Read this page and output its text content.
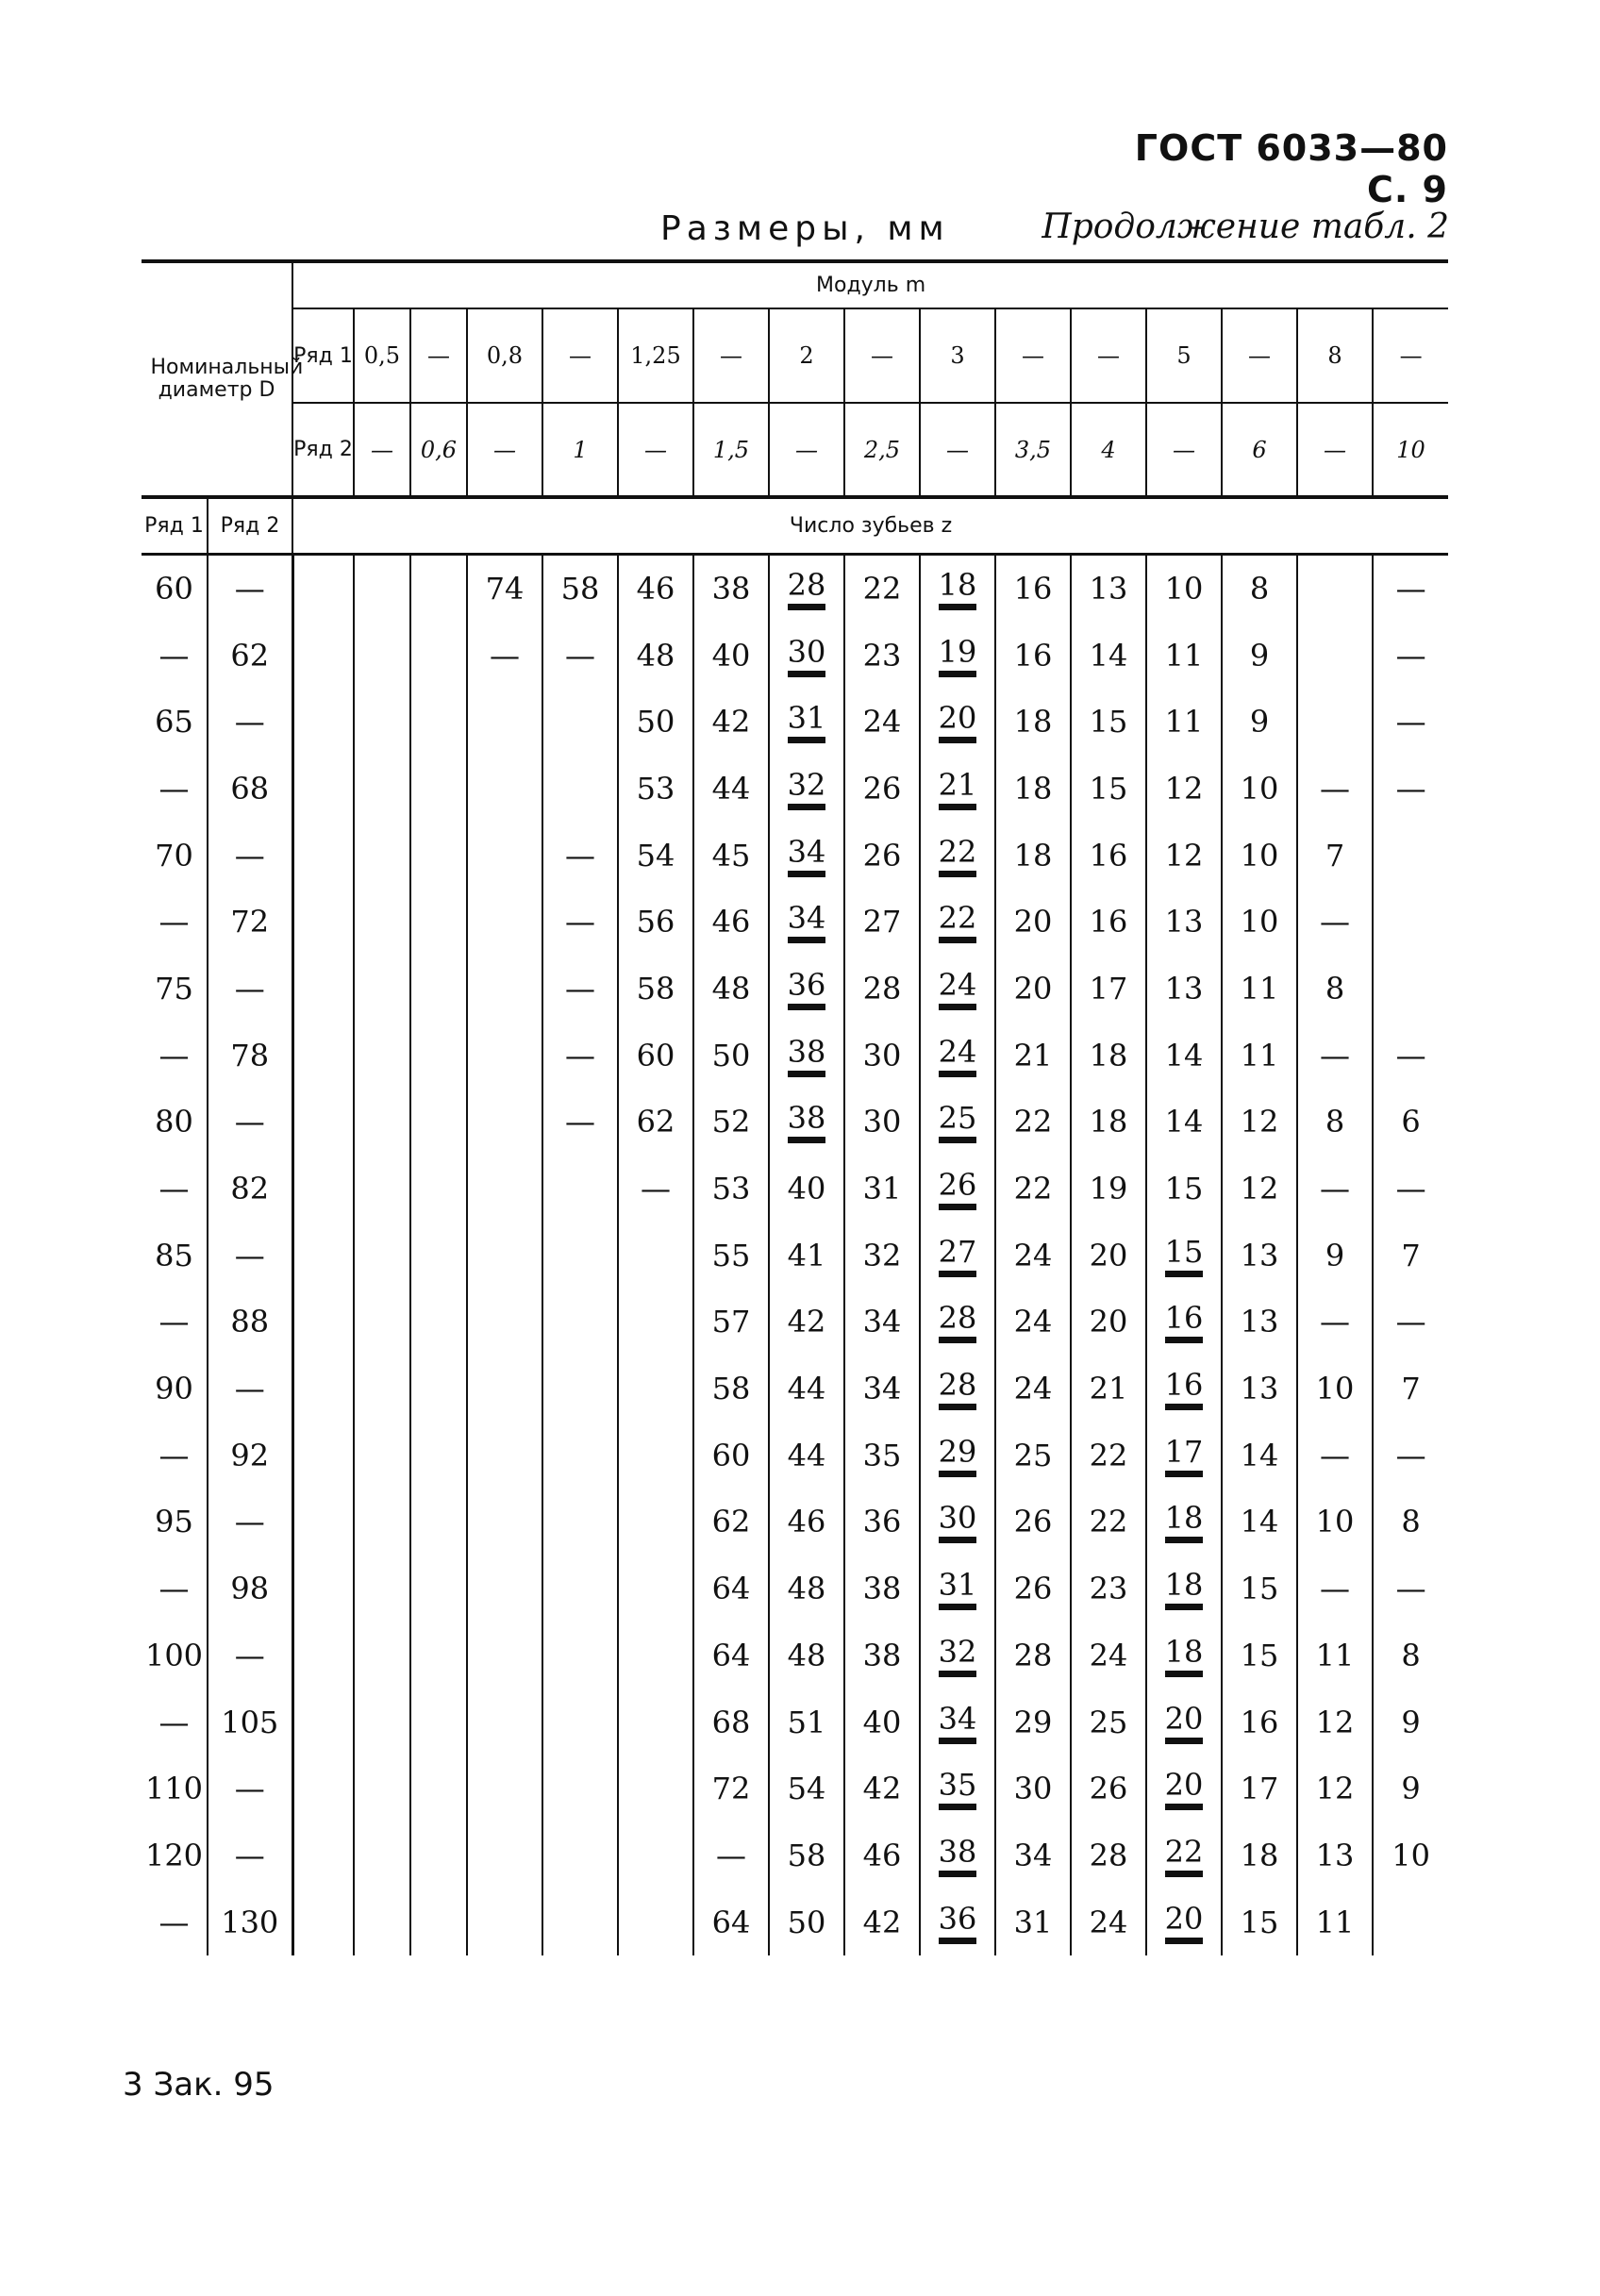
ГОСТ 6033—80 С. 9
Размеры, мм	Продолжение табл. 2
Номинальный диаметр D		Модуль m															
		Ряд 1	0,5	—	0,8	—	1,25	—	2	—	3	—	—	5	—	8	—
		Ряд 2	—	0,6	—	1	—	1,5	—	2,5	—	3,5	4	—	6	—	10
Ряд 1	Ряд 2	Число зубьев z															
60	—				74	58	46	38	28	22	18	16	13	10	8		—
—	62				—	—	48	40	30	23	19	16	14	11	9		—
65	—						50	42	31	24	20	18	15	11	9		—
—	68						53	44	32	26	21	18	15	12	10	—	—
70	—					—	54	45	34	26	22	18	16	12	10	7	
—	72					—	56	46	34	27	22	20	16	13	10	—	
75	—					—	58	48	36	28	24	20	17	13	11	8	
—	78					—	60	50	38	30	24	21	18	14	11	—	—
80	—					—	62	52	38	30	25	22	18	14	12	8	6
—	82						—	53	40	31	26	22	19	15	12	—	—
85	—							55	41	32	27	24	20	15	13	9	7
—	88							57	42	34	28	24	20	16	13	—	—
90	—							58	44	34	28	24	21	16	13	10	7
—	92							60	44	35	29	25	22	17	14	—	—
95	—							62	46	36	30	26	22	18	14	10	8
—	98							64	48	38	31	26	23	18	15	—	—
100	—							64	48	38	32	28	24	18	15	11	8
—	105							68	51	40	34	29	25	20	16	12	9
110	—							72	54	42	35	30	26	20	17	12	9
120	—							—	58	46	38	34	28	22	18	13	10
—	130							64	50	42	36	31	24	20	15	11	
3 Зак. 95
